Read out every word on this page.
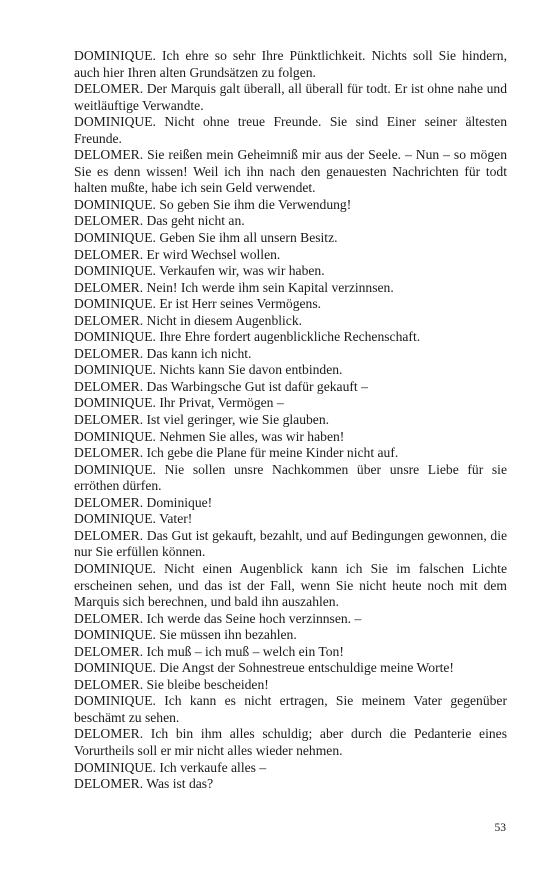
DOMINIQUE. Ich ehre so sehr Ihre Pünktlichkeit. Nichts soll Sie hindern, auch hier Ihren alten Grundsätzen zu folgen.

DELOMER. Der Marquis galt überall, all überall für todt. Er ist ohne nahe und weitläuftige Verwandte.

DOMINIQUE. Nicht ohne treue Freunde. Sie sind Einer seiner ältesten Freunde.

DELOMER. Sie reißen mein Geheimniß mir aus der Seele. – Nun – so mögen Sie es denn wissen! Weil ich ihn nach den genauesten Nachrichten für todt halten mußte, habe ich sein Geld verwendet.

DOMINIQUE. So geben Sie ihm die Verwendung!

DELOMER. Das geht nicht an.

DOMINIQUE. Geben Sie ihm all unsern Besitz.

DELOMER. Er wird Wechsel wollen.

DOMINIQUE. Verkaufen wir, was wir haben.

DELOMER. Nein! Ich werde ihm sein Kapital verzinnsen.

DOMINIQUE. Er ist Herr seines Vermögens.

DELOMER. Nicht in diesem Augenblick.

DOMINIQUE. Ihre Ehre fordert augenblickliche Rechenschaft.

DELOMER. Das kann ich nicht.

DOMINIQUE. Nichts kann Sie davon entbinden.

DELOMER. Das Warbingsche Gut ist dafür gekauft –

DOMINIQUE. Ihr Privat, Vermögen –

DELOMER. Ist viel geringer, wie Sie glauben.

DOMINIQUE. Nehmen Sie alles, was wir haben!

DELOMER. Ich gebe die Plane für meine Kinder nicht auf.

DOMINIQUE. Nie sollen unsre Nachkommen über unsre Liebe für sie erröthen dürfen.

DELOMER. Dominique!

DOMINIQUE. Vater!

DELOMER. Das Gut ist gekauft, bezahlt, und auf Bedingungen gewonnen, die nur Sie erfüllen können.

DOMINIQUE. Nicht einen Augenblick kann ich Sie im falschen Lichte erscheinen sehen, und das ist der Fall, wenn Sie nicht heute noch mit dem Marquis sich berechnen, und bald ihn auszahlen.

DELOMER. Ich werde das Seine hoch verzinnsen. –

DOMINIQUE. Sie müssen ihn bezahlen.

DELOMER. Ich muß – ich muß – welch ein Ton!

DOMINIQUE. Die Angst der Sohnestreue entschuldige meine Worte!

DELOMER. Sie bleibe bescheiden!

DOMINIQUE. Ich kann es nicht ertragen, Sie meinem Vater gegenüber beschämt zu sehen.

DELOMER. Ich bin ihm alles schuldig; aber durch die Pedanterie eines Vorurtheils soll er mir nicht alles wieder nehmen.

DOMINIQUE. Ich verkaufe alles –

DELOMER. Was ist das?

53
